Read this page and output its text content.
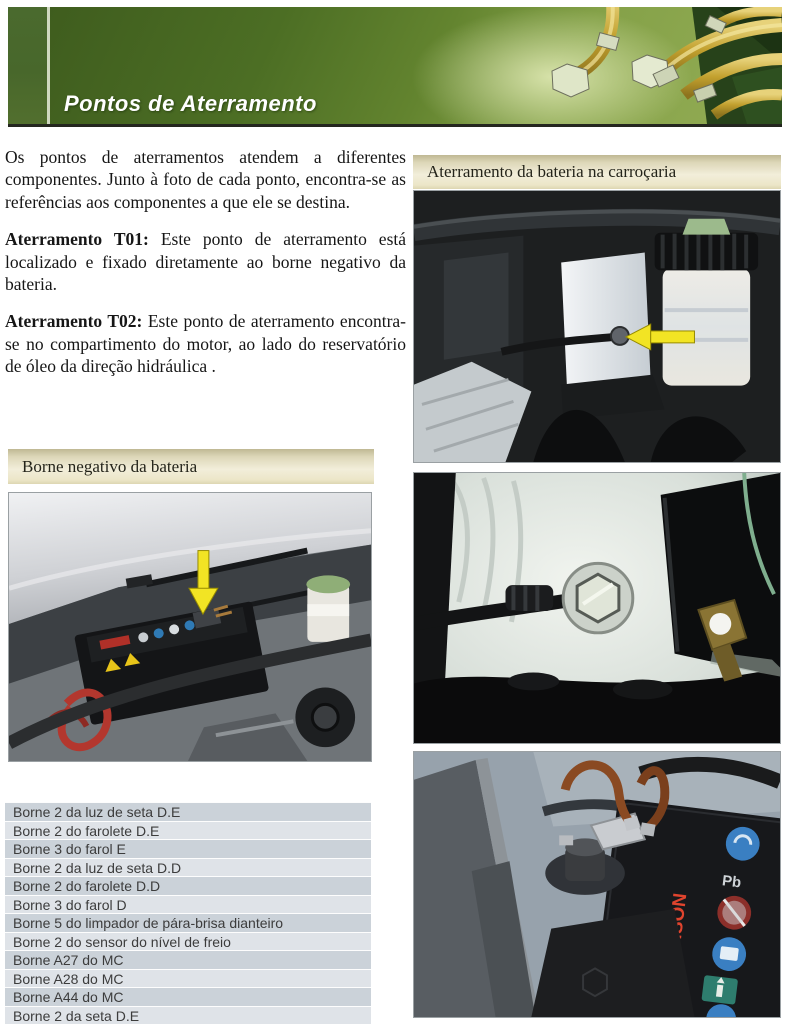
Pontos de Aterramento

Os pontos de aterramentos atendem a diferentes componentes. Junto à foto de cada ponto, encontra-se as referências aos componentes a que ele se destina.

Aterramento T01: Este ponto de aterramento está localizado e fixado diretamente ao borne negativo da bateria.

Aterramento T02: Este ponto de aterramento encontra-se no compartimento do motor, ao lado do reservatório de óleo da direção hidráulica .

Aterramento da bateria na carroçaria
Pb
Borne negativo da bateria
Borne 2 da luz de seta D.E
Borne 2 do farolete D.E
Borne 3 do farol E
Borne 2 da luz de seta D.D
Borne 2 do farolete D.D
Borne 3 do farol D
Borne 5 do limpador de pára-brisa dianteiro
Borne 2 do sensor do nível de freio
Borne A27 do MC
Borne A28 do MC
Borne A44 do MC
Borne 2 da seta D.E
